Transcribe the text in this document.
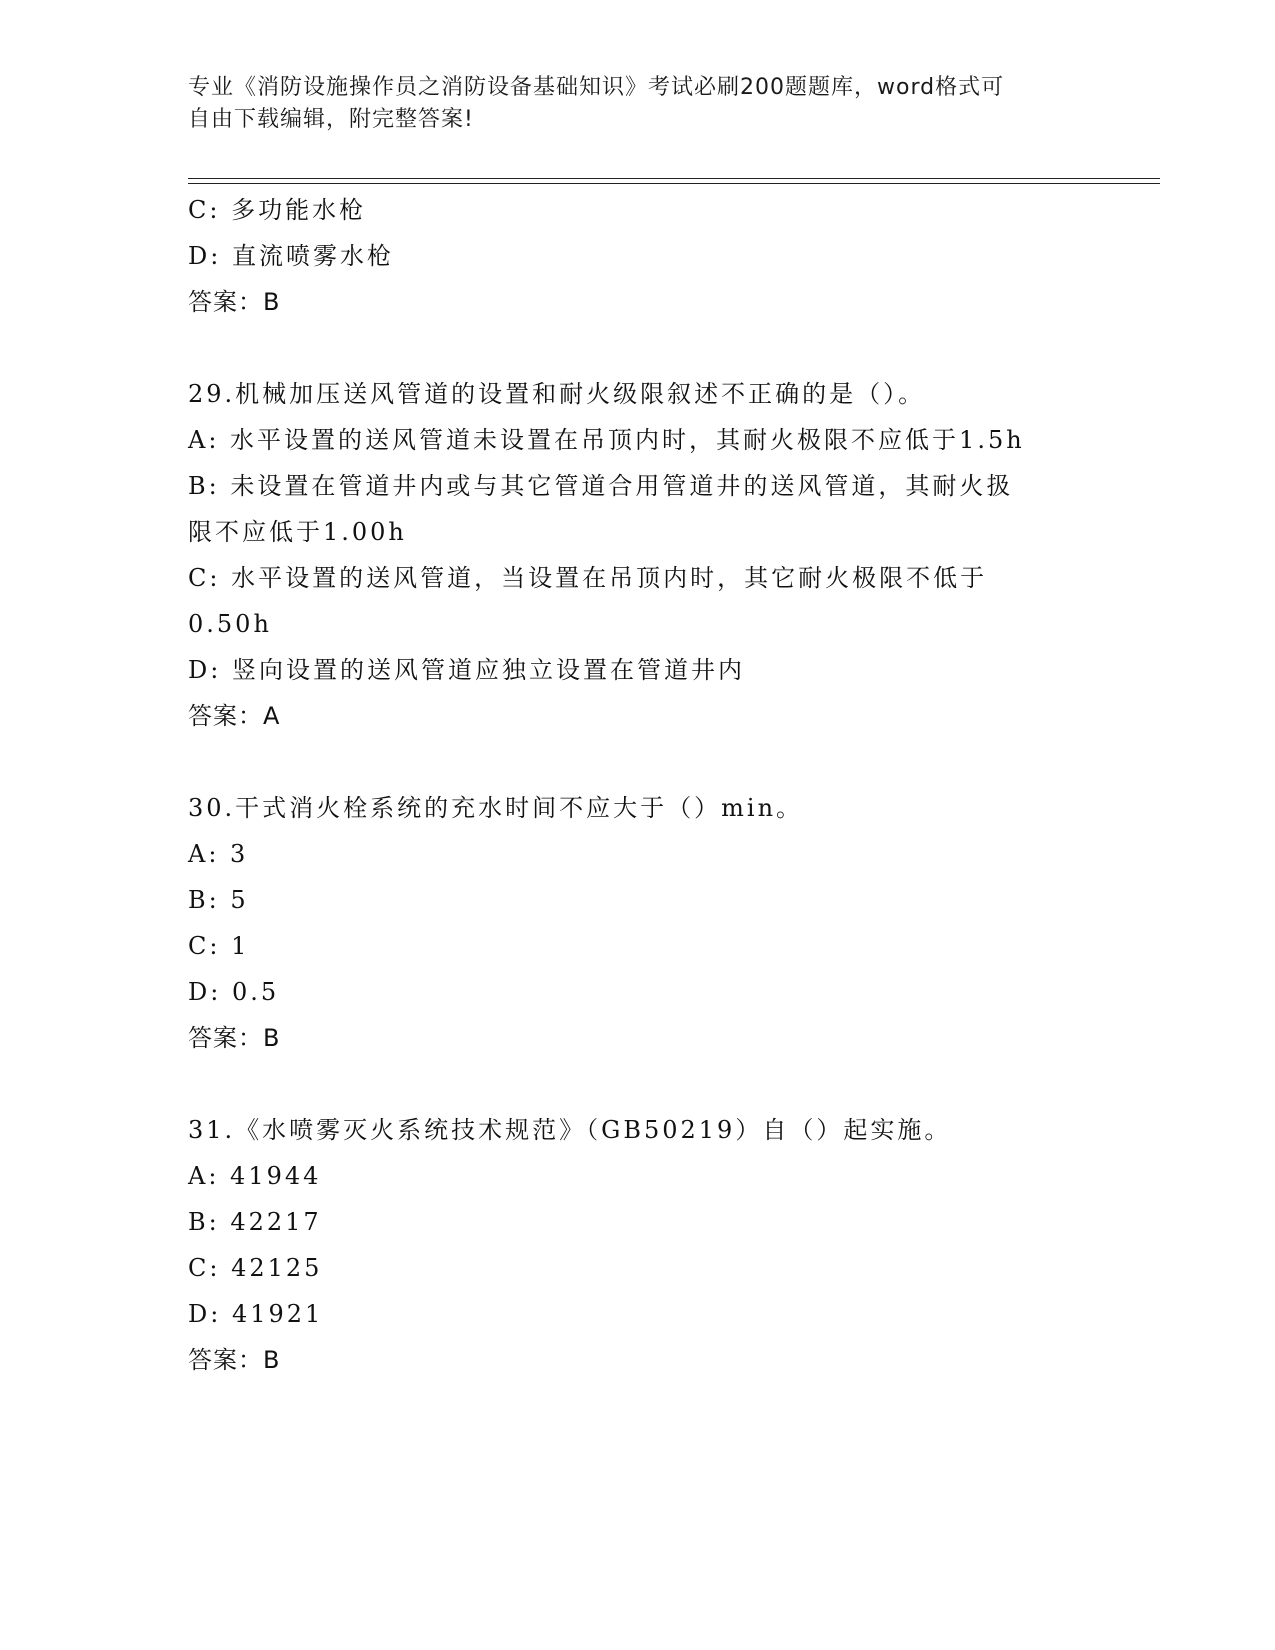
专业《消防设施操作员之消防设备基础知识》考试必刷200题题库，word格式可
自由下载编辑，附完整答案!
C: 多功能水枪
D: 直流喷雾水枪
答案：B
29.机械加压送风管道的设置和耐火级限叙述不正确的是（）。
A: 水平设置的送风管道未设置在吊顶内时，其耐火极限不应低于1.5h
B: 未设置在管道井内或与其它管道合用管道井的送风管道，其耐火扱
限不应低于1.00h
C: 水平设置的送风管道，当设置在吊顶内时，其它耐火极限不低于
0.50h
D: 竖向设置的送风管道应独立设置在管道井内
答案：A
30.干式消火栓系统的充水时间不应大于（）min。
A: 3
B: 5
C: 1
D: 0.5
答案：B
31.《水喷雾灭火系统技术规范》（GB50219）自（）起实施。
A: 41944
B: 42217
C: 42125
D: 41921
答案：B
